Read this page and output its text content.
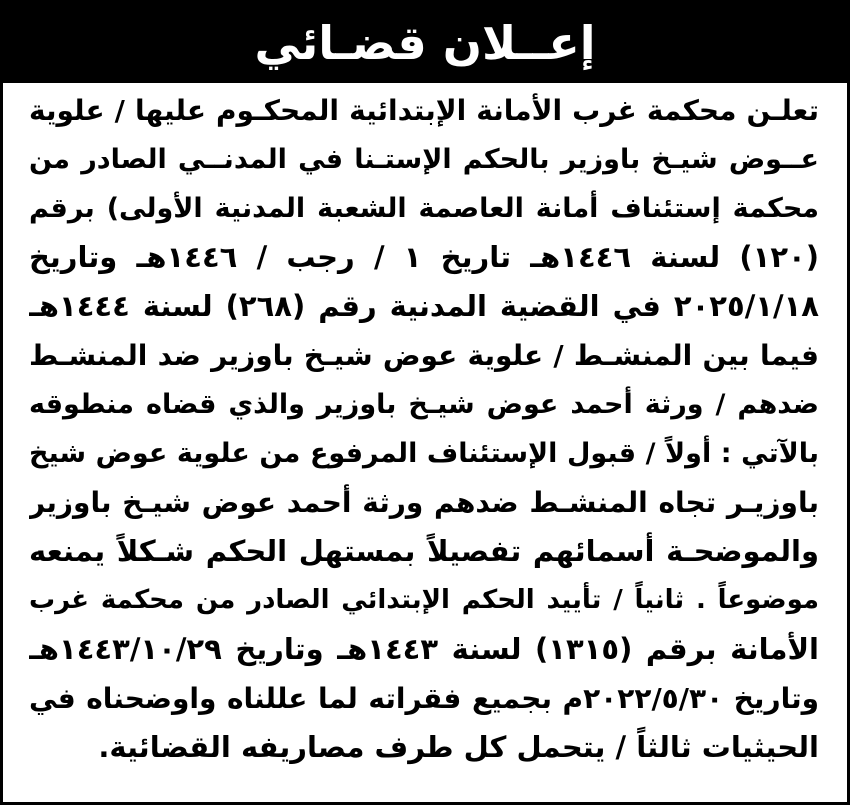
إعــلان قضـائي
تعلـن محكمة غرب الأمانة الإبتدائية المحكـوم عليها / علوية
عــوض شيـخ باوزير بالحكم الإستـنا في المدنــي الصادر من
محكمة إستئناف أمانة العاصمة الشعبة المدنية الأولى) برقم
(١٢٠) لسنة ١٤٤٦هـ تاريخ ١ / رجب / ١٤٤٦هـ وتاريخ
٢٠٢٥/١/١٨ في القضية المدنية رقم (٢٦٨) لسنة ١٤٤٤هـ
فيما بين المنشـط / علوية عوض شيـخ باوزير ضد المنشـط
ضدهم / ورثة أحمد عوض شيـخ باوزير والذي قضاه منطوقه
بالآتي : أولاً / قبول الإستئناف المرفوع من علوية عوض شيخ
باوزيـر تجاه المنشـط ضدهم ورثة أحمد عوض شيـخ باوزير
والموضحـة أسمائهم تفصيلاً بمستهل الحكم شـكلاً يمنعه
موضوعاً . ثانياً / تأييد الحكم الإبتدائي الصادر من محكمة غرب
الأمانة برقم (١٣١٥) لسنة ١٤٤٣هـ وتاريخ ١٤٤٣/١٠/٢٩هـ
وتاريخ ٢٠٢٢/٥/٣٠م بجميع فقراته لما عللناه واوضحناه في
الحيثيات ثالثاً / يتحمل كل طرف مصاريفه القضائية.
